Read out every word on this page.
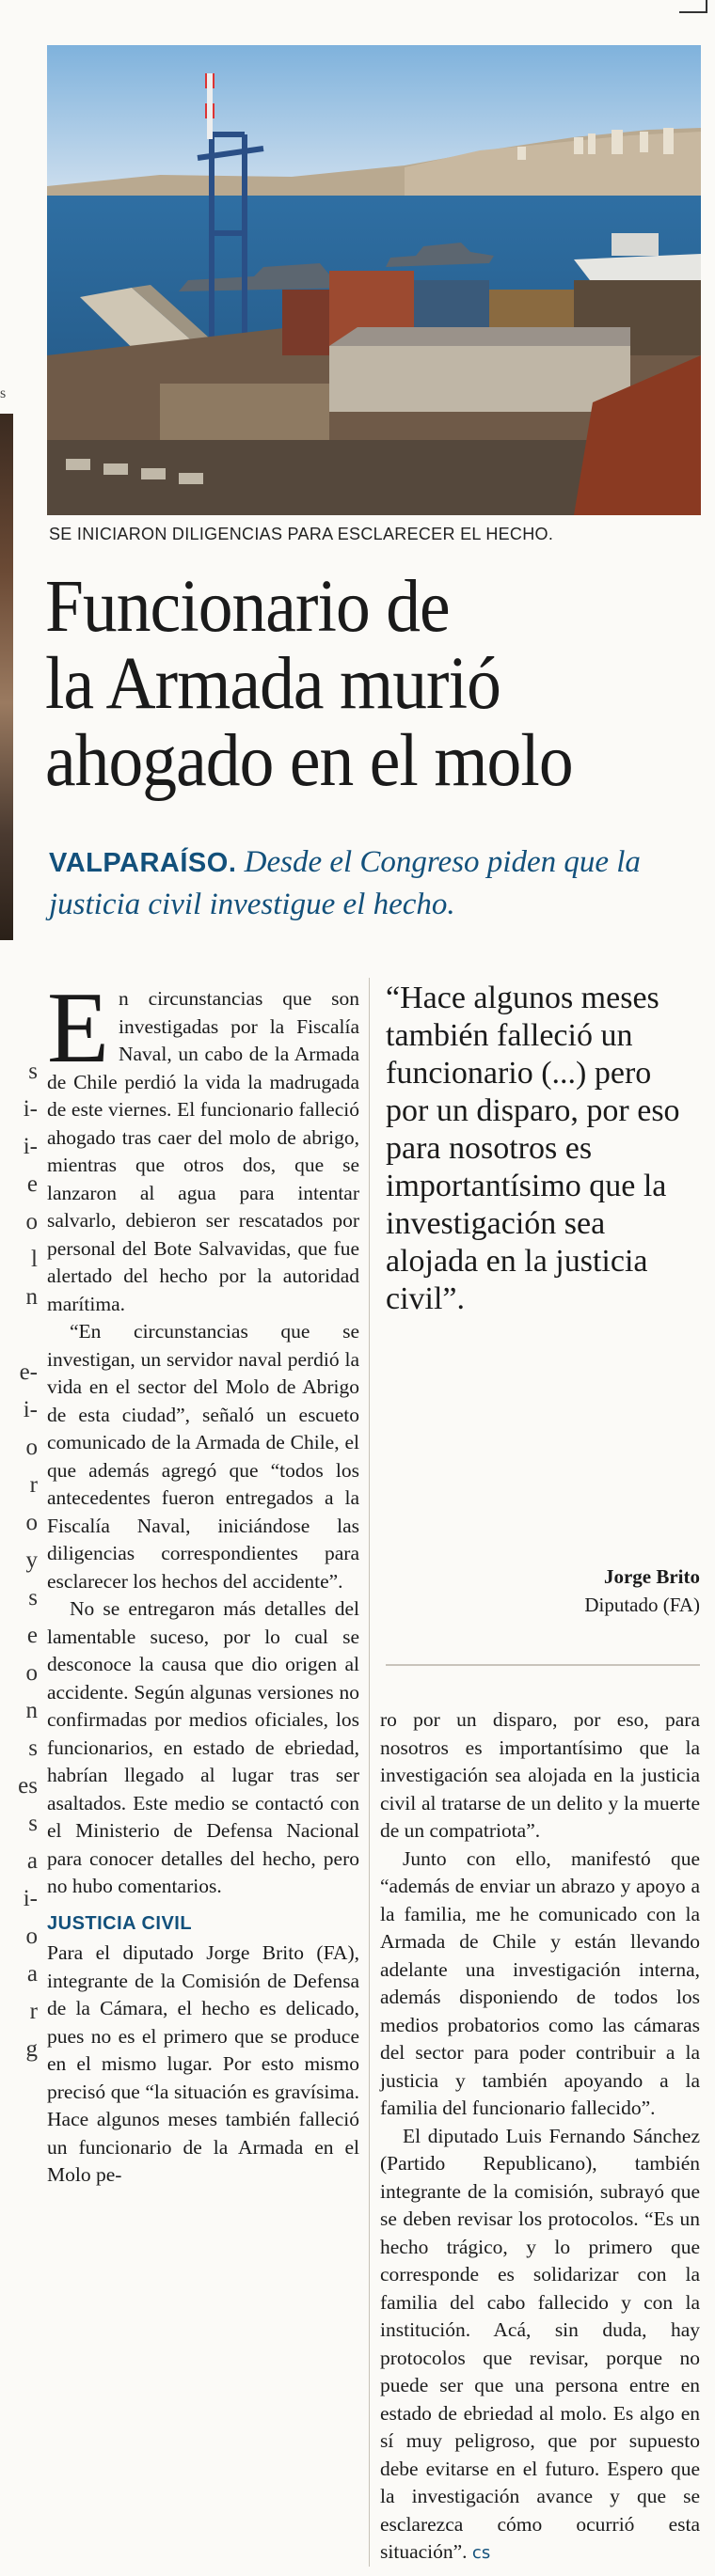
s
s
i-
i-
e
o
l
n
e-
i-
o
r
o
y
s
e
o
n
s
es
s
a
i-
o
a
r
g
SE INICIARON DILIGENCIAS PARA ESCLARECER EL HECHO.
Funcionario de
la Armada murió
ahogado en el molo
VALPARAÍSO. Desde el Congreso piden que la justicia civil investigue el hecho.

En circunstancias que son investigadas por la Fiscalía Naval, un cabo de la Armada de Chile perdió la vida la madrugada de este viernes. El funcionario falleció ahogado tras caer del molo de abrigo, mientras que otros dos, que se lanzaron al agua para intentar salvarlo, debieron ser rescatados por personal del Bote Salvavidas, que fue alertado del hecho por la autoridad marítima.

“En circunstancias que se investigan, un servidor naval perdió la vida en el sector del Molo de Abrigo de esta ciudad”, señaló un escueto comunicado de la Armada de Chile, el que además agregó que “todos los antecedentes fueron entregados a la Fiscalía Naval, iniciándose las diligencias correspondientes para esclarecer los hechos del accidente”.

No se entregaron más detalles del lamentable suceso, por lo cual se desconoce la causa que dio origen al accidente. Según algunas versiones no confirmadas por medios oficiales, los funcionarios, en estado de ebriedad, habrían llegado al lugar tras ser asaltados. Este medio se contactó con el Ministerio de Defensa Nacional para conocer detalles del hecho, pero no hubo comentarios.

JUSTICIA CIVIL

Para el diputado Jorge Brito (FA), integrante de la Comisión de Defensa de la Cámara, el hecho es delicado, pues no es el primero que se produce en el mismo lugar. Por esto mismo precisó que “la situación es gravísima. Hace algunos meses también falleció un funcionario de la Armada en el Molo pe-

“Hace algunos meses también falleció un funcionario (...) pero por un disparo, por eso para nosotros es importantísimo que la investigación sea alojada en la justicia civil”.
Jorge Brito
Diputado (FA)

ro por un disparo, por eso, para nosotros es importantísimo que la investigación sea alojada en la justicia civil al tratarse de un delito y la muerte de un compatriota”.

Junto con ello, manifestó que “además de enviar un abrazo y apoyo a la familia, me he comunicado con la Armada de Chile y están llevando adelante una investigación interna, además disponiendo de todos los medios probatorios como las cámaras del sector para poder contribuir a la justicia y también apoyando a la familia del funcionario fallecido”.

El diputado Luis Fernando Sánchez (Partido Republicano), también integrante de la comisión, subrayó que se deben revisar los protocolos. “Es un hecho trágico, y lo primero que corresponde es solidarizar con la familia del cabo fallecido y con la institución. Acá, sin duda, hay protocolos que revisar, porque no puede ser que una persona entre en estado de ebriedad al molo. Es algo en sí muy peligroso, que por supuesto debe evitarse en el futuro. Espero que la investigación avance y que se esclarezca cómo ocurrió esta situación”. cs
